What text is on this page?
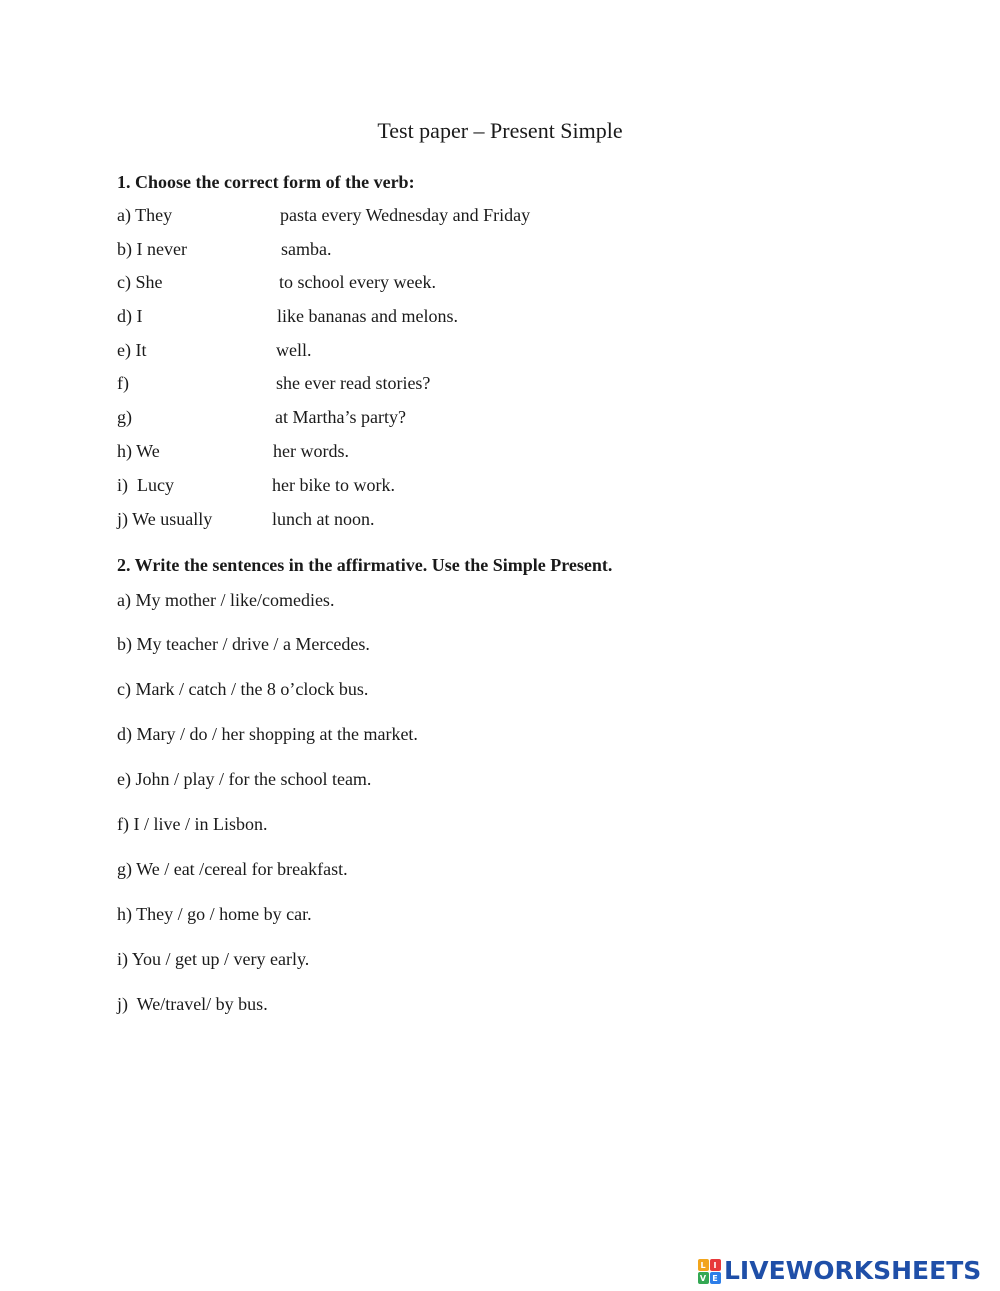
Test paper – Present Simple
1. Choose the correct form of the verb:
a) They	pasta every Wednesday and Friday
b) I never	samba.
c) She	to school every week.
d) I	like bananas and melons.
e) It	well.
f)	she ever read stories?
g)	at Martha’s party?
h) We	her words.
i)  Lucy	her bike to work.
j) We usually	lunch at noon.
2. Write the sentences in the affirmative. Use the Simple Present.
a) My mother / like/comedies.
b) My teacher / drive / a Mercedes.
c) Mark / catch / the 8 o’clock bus.
d) Mary / do / her shopping at the market.
e) John / play / for the school team.
f) I / live / in Lisbon.
g) We / eat /cereal for breakfast.
h) They / go / home by car.
i) You / get up / very early.
j)  We/travel/ by bus.
L I
V E LIVEWORKSHEETS
